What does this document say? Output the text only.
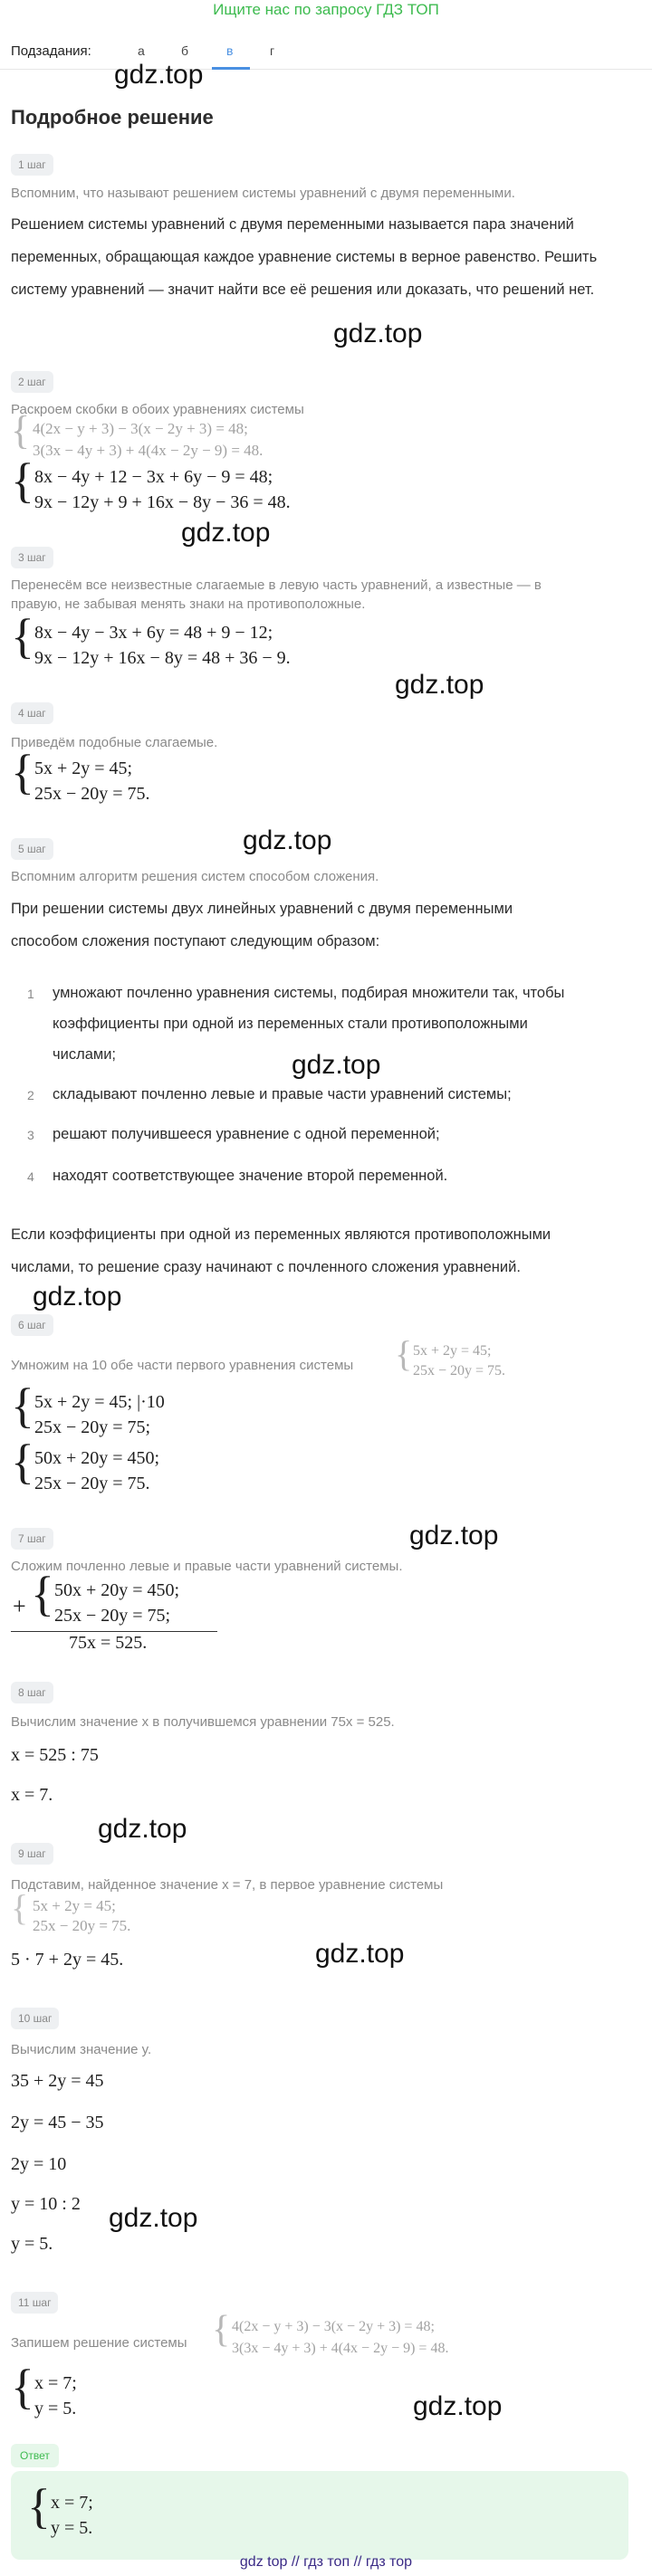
Ищите нас по запросу ГДЗ ТОП
Подзадания:	а	б	в	г
gdz.top
Подробное решение
1 шаг
Вспомним, что называют решением системы уравнений с двумя переменными.
Решением системы уравнений с двумя переменными называется пара значений переменных, обращающая каждое уравнение системы в верное равенство. Решить систему уравнений — значит найти все её решения или доказать, что решений нет.
gdz.top
2 шаг
Раскроем скобки в обоих уравнениях системы
{ 4(2x − y + 3) − 3(x − 2y + 3) = 48;
3(3x − 4y + 3) + 4(4x − 2y − 9) = 48.
{ 8x − 4y + 12 − 3x + 6y − 9 = 48;
9x − 12y + 9 + 16x − 8y − 36 = 48.
gdz.top
3 шаг
Перенесём все неизвестные слагаемые в левую часть уравнений, а известные — в
правую, не забывая менять знаки на противоположные.
{ 8x − 4y − 3x + 6y = 48 + 9 − 12;
9x − 12y + 16x − 8y = 48 + 36 − 9.
gdz.top
4 шаг
Приведём подобные слагаемые.
{ 5x + 2y = 45;
25x − 20y = 75.
gdz.top
5 шаг
Вспомним алгоритм решения систем способом сложения.
При решении системы двух линейных уравнений с двумя переменными
способом сложения поступают следующим образом:
1 умножают почленно уравнения системы, подбирая множители так, чтобы
коэффициенты при одной из переменных стали противоположными
числами;	gdz.top
2 складывают почленно левые и правые части уравнений системы;
3 решают получившееся уравнение с одной переменной;
4 находят соответствующее значение второй переменной.
Если коэффициенты при одной из переменных являются противоположными
числами, то решение сразу начинают с почленного сложения уравнений.
gdz.top
6 шаг
Умножим на 10 обе части первого уравнения системы { 5x + 2y = 45;
25x − 20y = 75.
{ 5x + 2y = 45; |·10
25x − 20y = 75;
{ 50x + 20y = 450;
25x − 20y = 75.
gdz.top
7 шаг
Сложим почленно левые и правые части уравнений системы.
+ { 50x + 20y = 450;
25x − 20y = 75;
75x = 525.
8 шаг
Вычислим значение x в получившемся уравнении 75x = 525.
x = 525 : 75
x = 7.
gdz.top
9 шаг
Подставим, найденное значение x = 7, в первое уравнение системы
{ 5x + 2y = 45;
25x − 20y = 75.
gdz.top
5 · 7 + 2y = 45.
10 шаг
Вычислим значение y.
35 + 2y = 45
2y = 45 − 35
2y = 10
y = 10 : 2 gdz.top
y = 5.
11 шаг
Запишем решение системы { 4(2x − y + 3) − 3(x − 2y + 3) = 48;
3(3x − 4y + 3) + 4(4x − 2y − 9) = 48.
{ x = 7;
y = 5.	gdz.top
Ответ
{ x = 7;
y = 5.
gdz top // гдз топ // гдз тор
